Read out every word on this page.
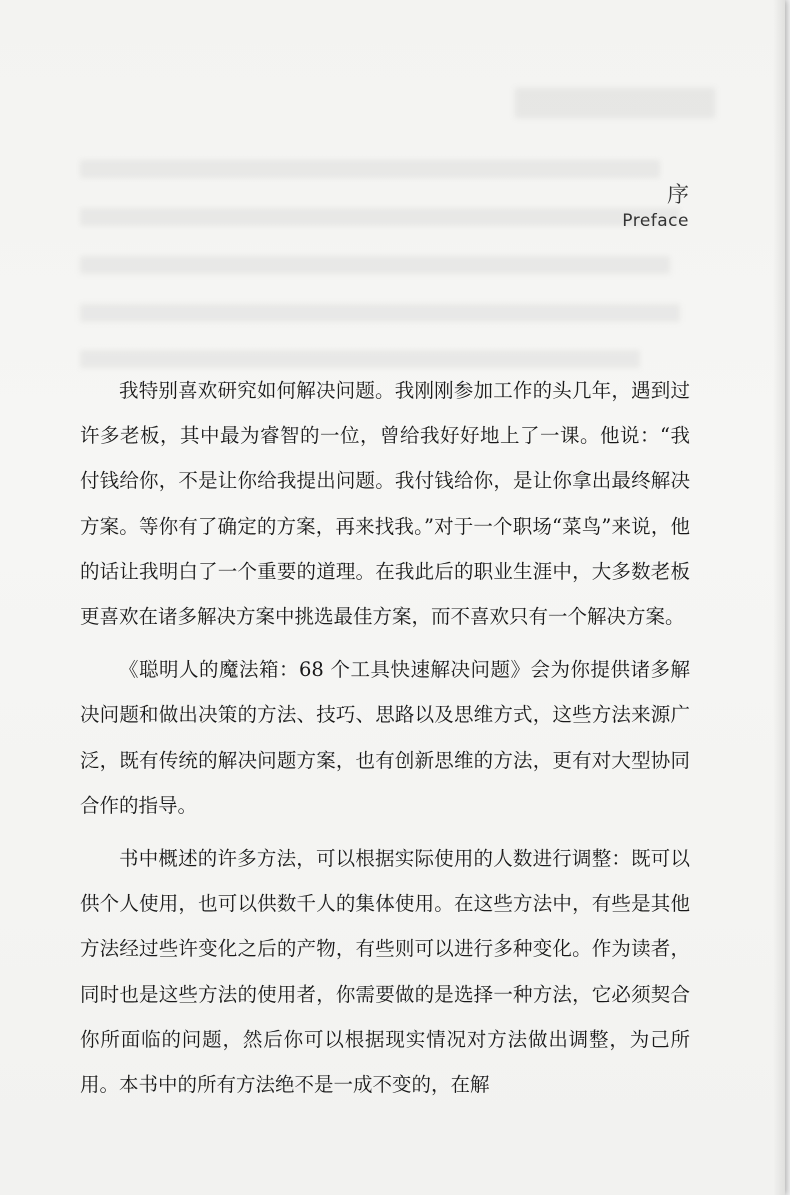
序
Preface

我特别喜欢研究如何解决问题。我刚刚参加工作的头几年，遇到过许多老板，其中最为睿智的一位，曾给我好好地上了一课。他说：“我付钱给你，不是让你给我提出问题。我付钱给你，是让你拿出最终解决方案。等你有了确定的方案，再来找我。”对于一个职场“菜鸟”来说，他的话让我明白了一个重要的道理。在我此后的职业生涯中，大多数老板更喜欢在诸多解决方案中挑选最佳方案，而不喜欢只有一个解决方案。

《聪明人的魔法箱：68 个工具快速解决问题》会为你提供诸多解决问题和做出决策的方法、技巧、思路以及思维方式，这些方法来源广泛，既有传统的解决问题方案，也有创新思维的方法，更有对大型协同合作的指导。

书中概述的许多方法，可以根据实际使用的人数进行调整：既可以供个人使用，也可以供数千人的集体使用。在这些方法中，有些是其他方法经过些许变化之后的产物，有些则可以进行多种变化。作为读者，同时也是这些方法的使用者，你需要做的是选择一种方法，它必须契合你所面临的问题，然后你可以根据现实情况对方法做出调整，为己所用。本书中的所有方法绝不是一成不变的，在解
